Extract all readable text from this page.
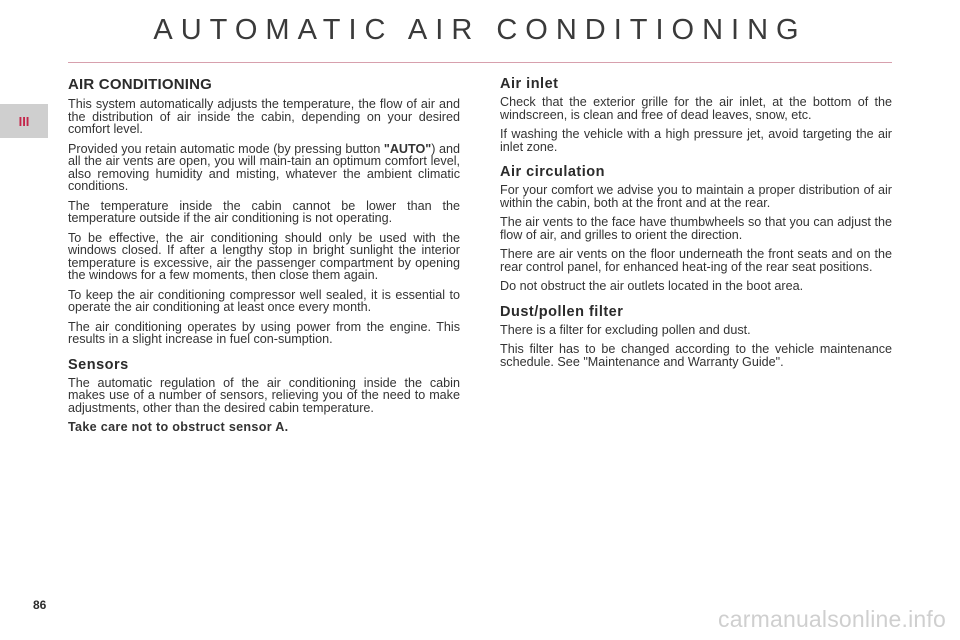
AUTOMATIC AIR CONDITIONING
III
AIR CONDITIONING

This system automatically adjusts the temperature, the flow of air and the distribution of air inside the cabin, depending on your desired comfort level.

Provided you retain automatic mode (by pressing button "AUTO") and all the air vents are open, you will main-tain an optimum comfort level, also removing humidity and misting, whatever the ambient climatic conditions.

The temperature inside the cabin cannot be lower than the temperature outside if the air conditioning is not operating.

To be effective, the air conditioning should only be used with the windows closed. If after a lengthy stop in bright sunlight the interior temperature is excessive, air the passenger compartment by opening the windows for a few moments, then close them again.

To keep the air conditioning compressor well sealed, it is essential to operate the air conditioning at least once every month.

The air conditioning operates by using power from the engine. This results in a slight increase in fuel con-sumption.

Sensors

The automatic regulation of the air conditioning inside the cabin makes use of a number of sensors, relieving you of the need to make adjustments, other than the desired cabin temperature.

Take care not to obstruct sensor A.

Air inlet

Check that the exterior grille for the air inlet, at the bottom of the windscreen, is clean and free of dead leaves, snow, etc.

If washing the vehicle with a high pressure jet, avoid targeting the air inlet zone.

Air circulation

For your comfort we advise you to maintain a proper distribution of air within the cabin, both at the front and at the rear.

The air vents to the face have thumbwheels so that you can adjust the flow of air, and grilles to orient the direction.

There are air vents on the floor underneath the front seats and on the rear control panel, for enhanced heat-ing of the rear seat positions.

Do not obstruct the air outlets located in the boot area.

Dust/pollen filter

There is a filter for excluding pollen and dust.

This filter has to be changed according to the vehicle maintenance schedule. See "Maintenance and Warranty Guide".

86
carmanualsonline.info
